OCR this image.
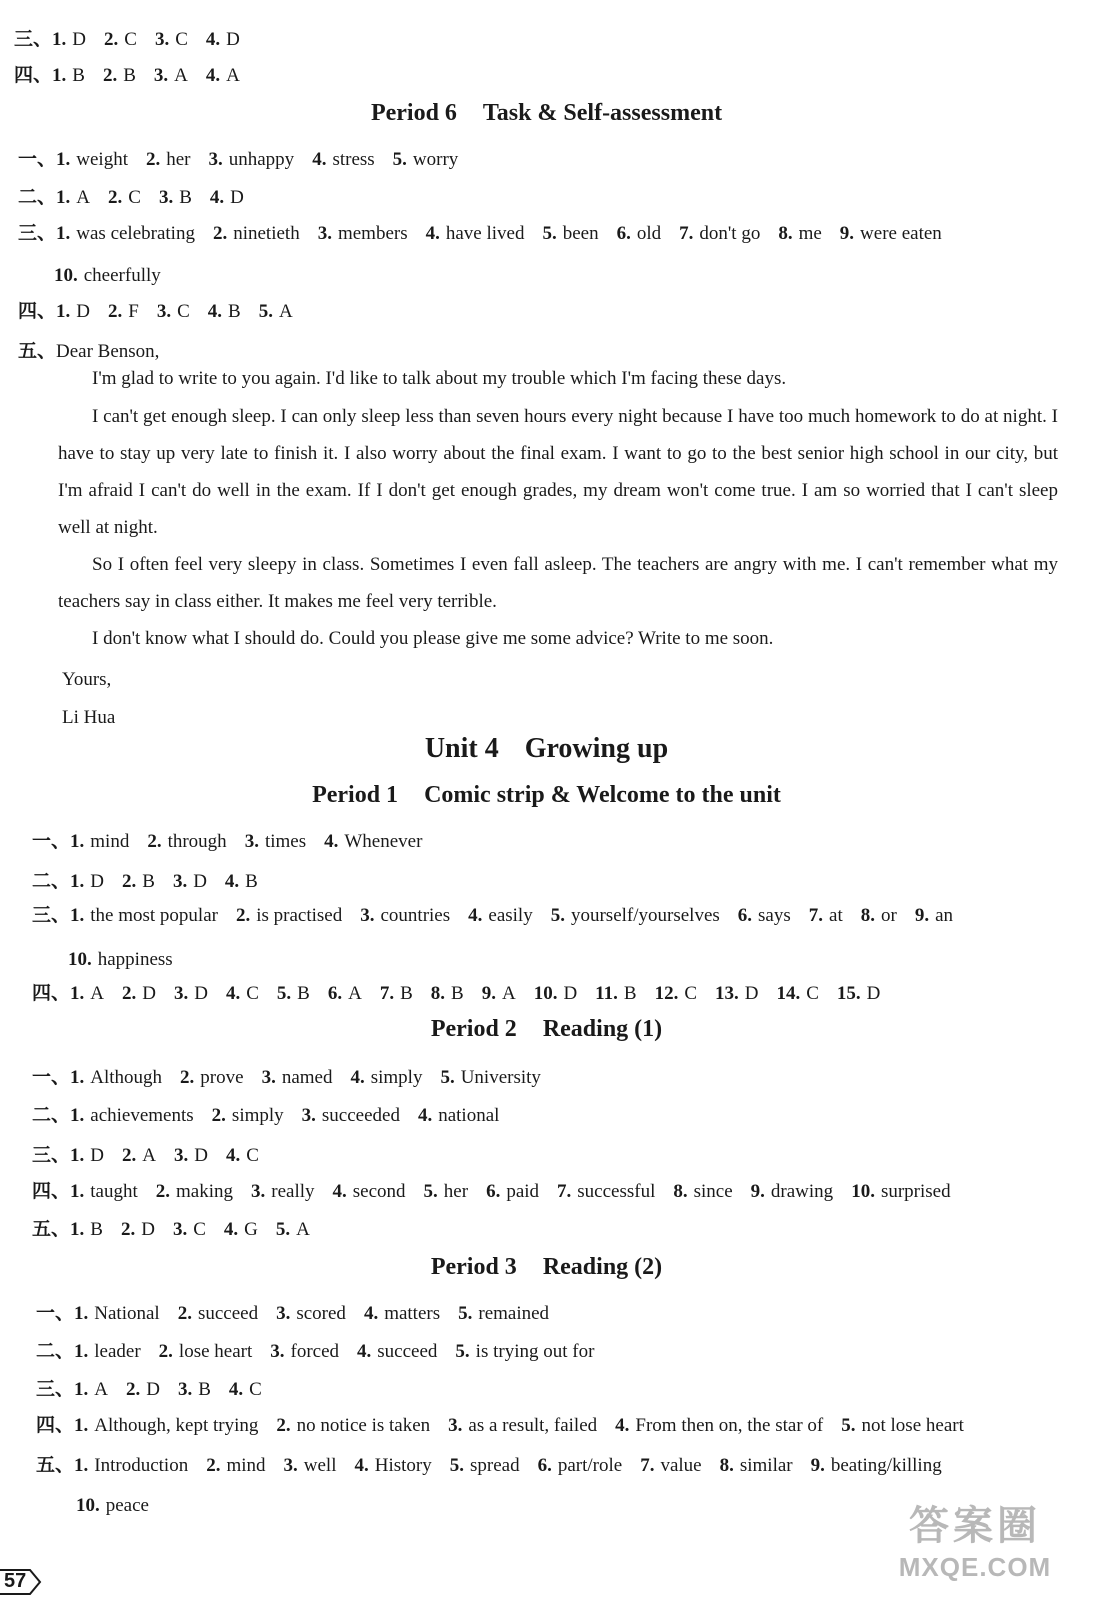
三、1. D 2. C 3. C 4. D
四、1. B 2. B 3. A 4. A
Period 6 Task & Self-assessment
一、1. weight 2. her 3. unhappy 4. stress 5. worry
二、1. A 2. C 3. B 4. D
三、1. was celebrating 2. ninetieth 3. members 4. have lived 5. been 6. old 7. don't go 8. me 9. were eaten
10. cheerfully
四、1. D 2. F 3. C 4. B 5. A
五、Dear Benson,
I'm glad to write to you again. I'd like to talk about my trouble which I'm facing these days.
I can't get enough sleep. I can only sleep less than seven hours every night because I have too much homework to do at night. I have to stay up very late to finish it. I also worry about the final exam. I want to go to the best senior high school in our city, but I'm afraid I can't do well in the exam. If I don't get enough grades, my dream won't come true. I am so worried that I can't sleep well at night.
So I often feel very sleepy in class. Sometimes I even fall asleep. The teachers are angry with me. I can't remember what my teachers say in class either. It makes me feel very terrible.
I don't know what I should do. Could you please give me some advice? Write to me soon.
Yours,
Li Hua
Unit 4 Growing up
Period 1 Comic strip & Welcome to the unit
一、1. mind 2. through 3. times 4. Whenever
二、1. D 2. B 3. D 4. B
三、1. the most popular 2. is practised 3. countries 4. easily 5. yourself/yourselves 6. says 7. at 8. or 9. an
10. happiness
四、1. A 2. D 3. D 4. C 5. B 6. A 7. B 8. B 9. A 10. D 11. B 12. C 13. D 14. C 15. D
Period 2 Reading (1)
一、1. Although 2. prove 3. named 4. simply 5. University
二、1. achievements 2. simply 3. succeeded 4. national
三、1. D 2. A 3. D 4. C
四、1. taught 2. making 3. really 4. second 5. her 6. paid 7. successful 8. since 9. drawing 10. surprised
五、1. B 2. D 3. C 4. G 5. A
Period 3 Reading (2)
一、1. National 2. succeed 3. scored 4. matters 5. remained
二、1. leader 2. lose heart 3. forced 4. succeed 5. is trying out for
三、1. A 2. D 3. B 4. C
四、1. Although, kept trying 2. no notice is taken 3. as a result, failed 4. From then on, the star of 5. not lose heart
五、1. Introduction 2. mind 3. well 4. History 5. spread 6. part/role 7. value 8. similar 9. beating/killing
10. peace
57
答案圈
MXQE.COM
